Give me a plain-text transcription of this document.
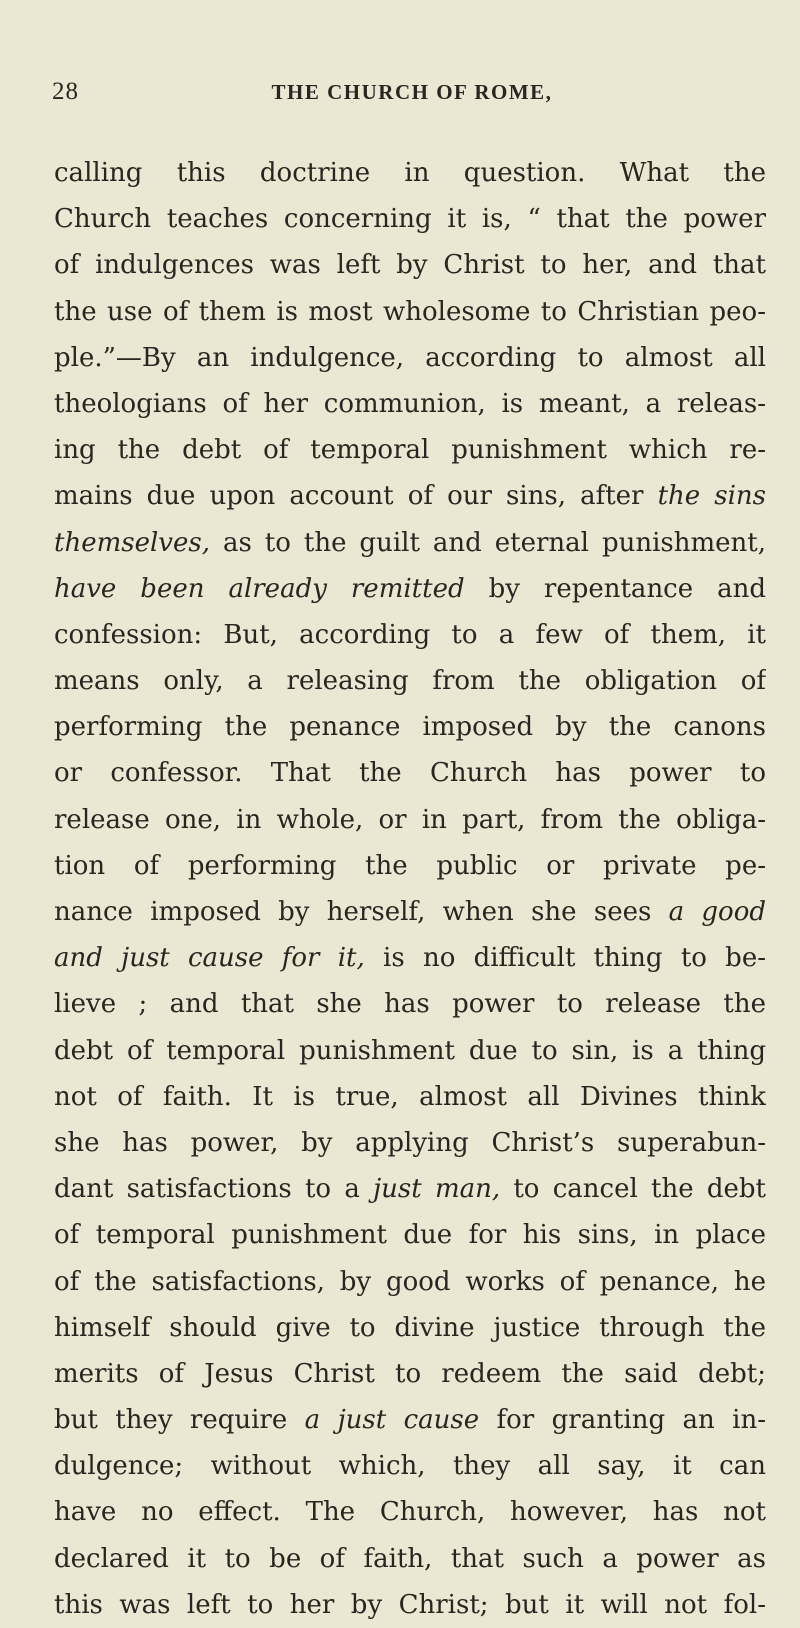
28	THE CHURCH OF ROME,
calling this doctrine in question. What the
Church teaches concerning it is, “ that the power
of indulgences was left by Christ to her, and that
the use of them is most wholesome to Christian peo-
ple.”—By an indulgence, according to almost all
theologians of her communion, is meant, a releas-
ing the debt of temporal punishment which re-
mains due upon account of our sins, after the sins
themselves, as to the guilt and eternal punishment,
have been already remitted by repentance and
confession: But, according to a few of them, it
means only, a releasing from the obligation of
performing the penance imposed by the canons
or confessor. That the Church has power to
release one, in whole, or in part, from the obliga-
tion of performing the public or private pe-
nance imposed by herself, when she sees a good
and just cause for it, is no difficult thing to be-
lieve ; and that she has power to release the
debt of temporal punishment due to sin, is a thing
not of faith. It is true, almost all Divines think
she has power, by applying Christ’s superabun-
dant satisfactions to a just man, to cancel the debt
of temporal punishment due for his sins, in place
of the satisfactions, by good works of penance, he
himself should give to divine justice through the
merits of Jesus Christ to redeem the said debt;
but they require a just cause for granting an in-
dulgence; without which, they all say, it can
have no effect. The Church, however, has not
declared it to be of faith, that such a power as
this was left to her by Christ; but it will not fol-
